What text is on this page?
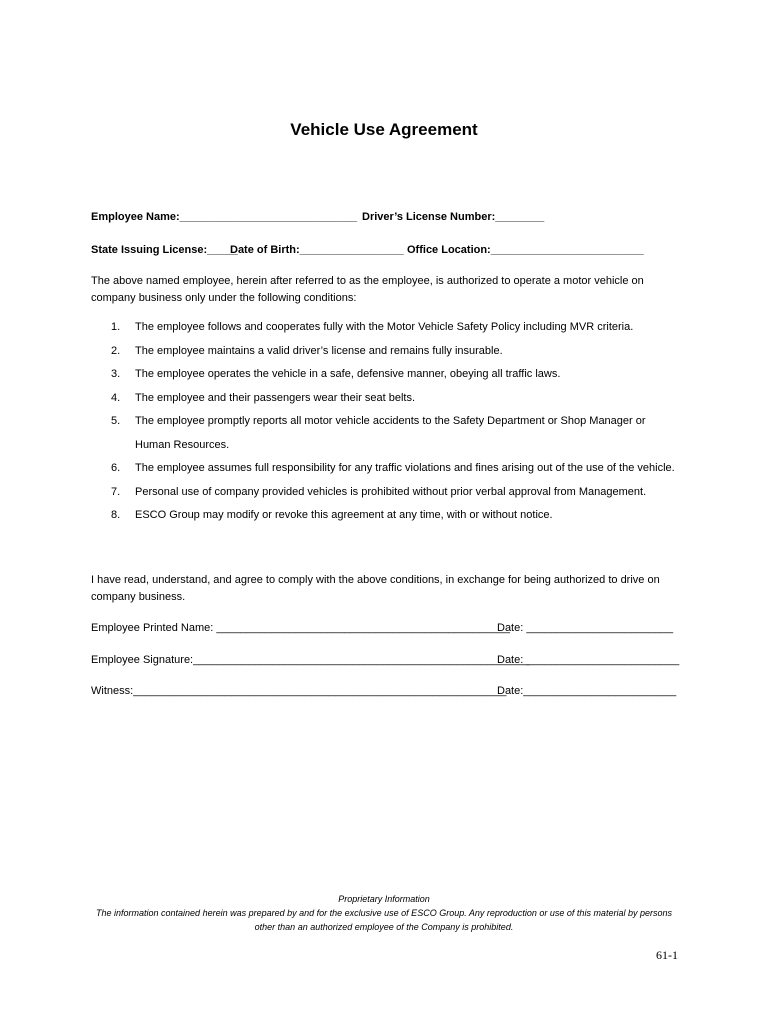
Vehicle Use Agreement
Employee Name:_____________________________ Driver’s License Number:________
State Issuing License:_____
Date of Birth:_________________ Office Location:_________________________
The above named employee, herein after referred to as the employee, is authorized to operate a motor vehicle on company business only under the following conditions:
1. The employee follows and cooperates fully with the Motor Vehicle Safety Policy including MVR criteria.
2. The employee maintains a valid driver’s license and remains fully insurable.
3. The employee operates the vehicle in a safe, defensive manner, obeying all traffic laws.
4. The employee and their passengers wear their seat belts.
5. The employee promptly reports all motor vehicle accidents to the Safety Department or Shop Manager or Human Resources.
6. The employee assumes full responsibility for any traffic violations and fines arising out of the use of the vehicle.
7. Personal use of company provided vehicles is prohibited without prior verbal approval from Management.
8. ESCO Group may modify or revoke this agreement at any time, with or without notice.
I have read, understand, and agree to comply with the above conditions, in exchange for being authorized to drive on company business.
Employee Printed Name: ________________________________________________
Date: ________________________
Employee Signature:_______________________________________________________
Date: _________________________
Witness:_____________________________________________________________
Date:_________________________
Proprietary Information
The information contained herein was prepared by and for the exclusive use of ESCO Group. Any reproduction or use of this material by persons other than an authorized employee of the Company is prohibited.
61-1
